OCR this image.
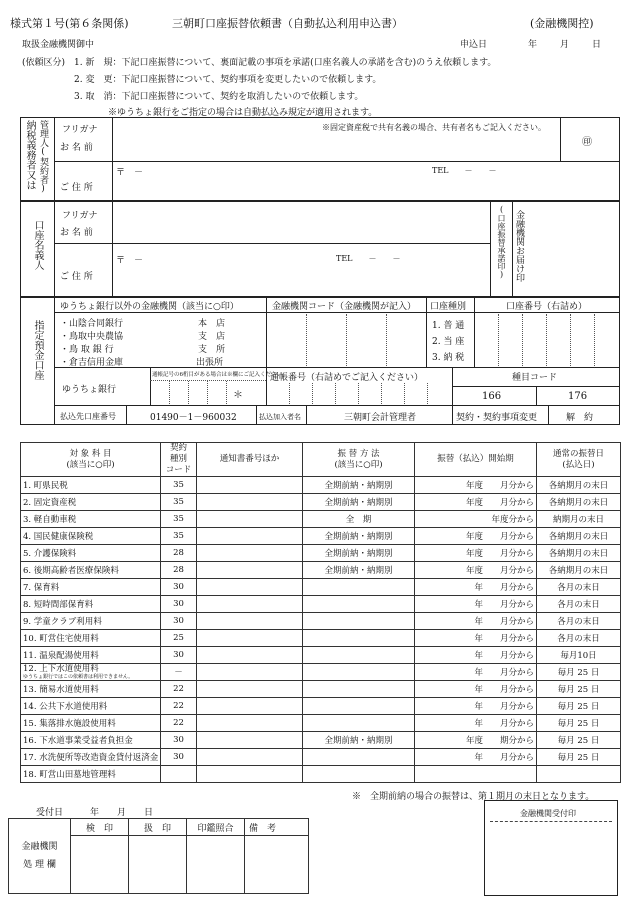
様式第１号(第６条関係)	三朝町口座振替依頼書（自動払込利用申込書）	(金融機関控)
取扱金融機関御中	申込日	年	月	日
(依頼区分) 1. 新　規：下記口座振替について、裏面記載の事項を承諾(口座名義人の承諾を含む)のうえ依頼します。
2. 変　更：下記口座振替について、契約事項を変更したいので依頼します。
3. 取　消：下記口座振替について、契約を取消したいので依頼します。
※ゆうちょ銀行をご指定の場合は自動払込み規定が適用されます。
納税義務者又は 管理人(契約者) フリガナ
お 名 前
※固定資産税で共有名義の場合、共有者名もご記入ください。
㊞
〒　－
ご 住 所
TEL　　－　　－
口座名義人
フリガナ
お 名 前
〒　－
ご 住 所
TEL　　－　　－	金融機関お届け印
(口座振替承諾印)
指定預金口座
ゆうちょ銀行以外の金融機関（該当に○印）	金融機関コード（金融機関が記入） 口座種別	口座番号（右詰め）
・山陰合同銀行	本　店
・鳥取中央農協	支　店
・鳥 取 銀 行	支　所
・倉吉信用金庫	出張所
1. 普 通
2. 当 座
3. 納 税
ゆうちょ銀行
通帳記号の6桁目がある場合は※欄にご記入ください。
＊
通帳番号（右詰めでご記入ください）	種目コード
166	176
払込先口座番号	01490－1－960032	払込加入者名	三朝町会計管理者	契約・契約事項変更	解　約
対 象 科 目
(該当に○印)	契約
種別
コード	通知書番号ほか	振 替 方 法
(該当に○印)	振替（払込）開始期	通常の振替日
(払込日)
1. 町県民税	35		全期前納・納期別	年度　　月分から	各納期月の末日
2. 固定資産税	35		全期前納・納期別	年度　　月分から	各納期月の末日
3. 軽自動車税	35		全　期	年度分から	納期月の末日
4. 国民健康保険税	35		全期前納・納期別	年度　　月分から	各納期月の末日
5. 介護保険料	28		全期前納・納期別	年度　　月分から	各納期月の末日
6. 後期高齢者医療保険料	28		全期前納・納期別	年度　　月分から	各納期月の末日
7. 保育料	30			年　　月分から	各月の末日
8. 短時間部保育料	30			年　　月分から	各月の末日
9. 学童クラブ利用料	30			年　　月分から	各月の末日
10. 町営住宅使用料	25			年　　月分から	各月の末日
11. 温泉配湯使用料	30			年　　月分から	毎月10日
12. 上下水道使用料
ゆうちょ銀行ではこの依頼書は利用できません。	－			年　　月分から	毎月 25 日
13. 簡易水道使用料	22			年　　月分から	毎月 25 日
14. 公共下水道使用料	22			年　　月分から	毎月 25 日
15. 集落排水施設使用料	22			年　　月分から	毎月 25 日
16. 下水道事業受益者負担金	30		全期前納・納期別	年度　　期分から	毎月 25 日
17. 水洗便所等改造資金貸付返済金	30			年　　月分から	毎月 25 日
18. 町営山田墓地管理料					
※　全期前納の場合の振替は、第１期月の末日となります。
受付日　　　年　　月　　日
金融機関
処 理 欄	検　印	扱　印	印鑑照合	備　考

金融機関受付印
